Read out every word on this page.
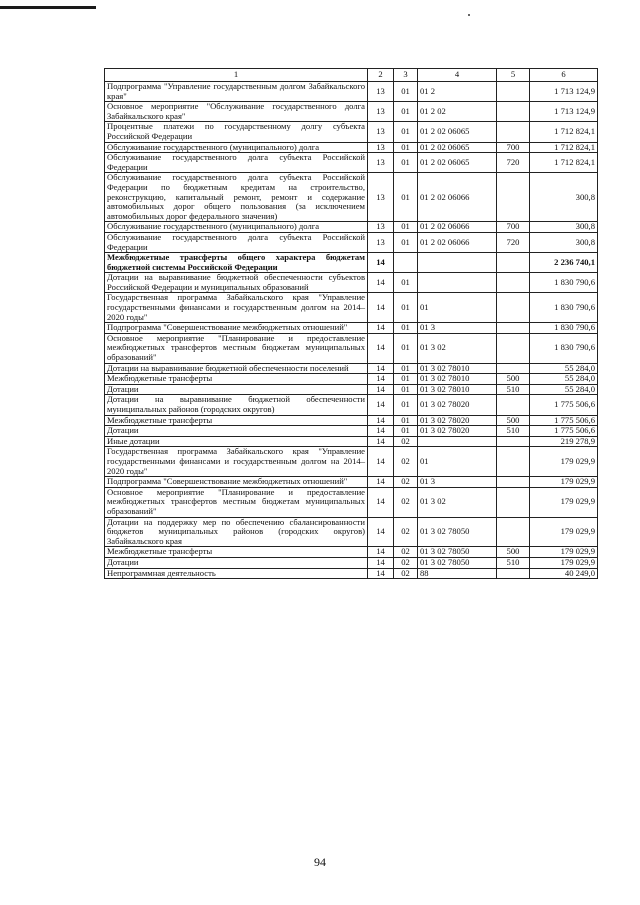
1	2	3	4	5	6
Подпрограмма "Управление государственным долгом Забайкальского края"	13	01	01 2		1 713 124,9
Основное мероприятие "Обслуживание государственного долга Забайкальского края"	13	01	01 2 02		1 713 124,9
Процентные платежи по государственному долгу субъекта Российской Федерации	13	01	01 2 02 06065		1 712 824,1
Обслуживание государственного (муниципального) долга	13	01	01 2 02 06065	700	1 712 824,1
Обслуживание государственного долга субъекта Российской Федерации	13	01	01 2 02 06065	720	1 712 824,1
Обслуживание государственного долга субъекта Российской Федерации по бюджетным кредитам на строительство, реконструкцию, капитальный ремонт, ремонт и содержание автомобильных дорог общего пользования (за исключением автомобильных дорог федерального значения)	13	01	01 2 02 06066		300,8
Обслуживание государственного (муниципального) долга	13	01	01 2 02 06066	700	300,8
Обслуживание государственного долга субъекта Российской Федерации	13	01	01 2 02 06066	720	300,8
Межбюджетные трансферты общего характера бюджетам бюджетной системы Российской Федерации	14				2 236 740,1
Дотации на выравнивание бюджетной обеспеченности субъектов Российской Федерации и муниципальных образований	14	01			1 830 790,6
Государственная программа Забайкальского края "Управление государственными финансами и государственным долгом на 2014–2020 годы"	14	01	01		1 830 790,6
Подпрограмма "Совершенствование межбюджетных отношений"	14	01	01 3		1 830 790,6
Основное мероприятие "Планирование и предоставление межбюджетных трансфертов местным бюджетам муниципальных образований"	14	01	01 3 02		1 830 790,6
Дотации на выравнивание бюджетной обеспеченности поселений	14	01	01 3 02 78010		55 284,0
Межбюджетные трансферты	14	01	01 3 02 78010	500	55 284,0
Дотации	14	01	01 3 02 78010	510	55 284,0
Дотации на выравнивание бюджетной обеспеченности муниципальных районов (городских округов)	14	01	01 3 02 78020		1 775 506,6
Межбюджетные трансферты	14	01	01 3 02 78020	500	1 775 506,6
Дотации	14	01	01 3 02 78020	510	1 775 506,6
Иные дотации	14	02			219 278,9
Государственная программа Забайкальского края "Управление государственными финансами и государственным долгом на 2014–2020 годы"	14	02	01		179 029,9
Подпрограмма "Совершенствование межбюджетных отношений"	14	02	01 3		179 029,9
Основное мероприятие "Планирование и предоставление межбюджетных трансфертов местным бюджетам муниципальных образований"	14	02	01 3 02		179 029,9
Дотации на поддержку мер по обеспечению сбалансированности бюджетов муниципальных районов (городских округов) Забайкальского края	14	02	01 3 02 78050		179 029,9
Межбюджетные трансферты	14	02	01 3 02 78050	500	179 029,9
Дотации	14	02	01 3 02 78050	510	179 029,9
Непрограммная деятельность	14	02	88		40 249,0
94
